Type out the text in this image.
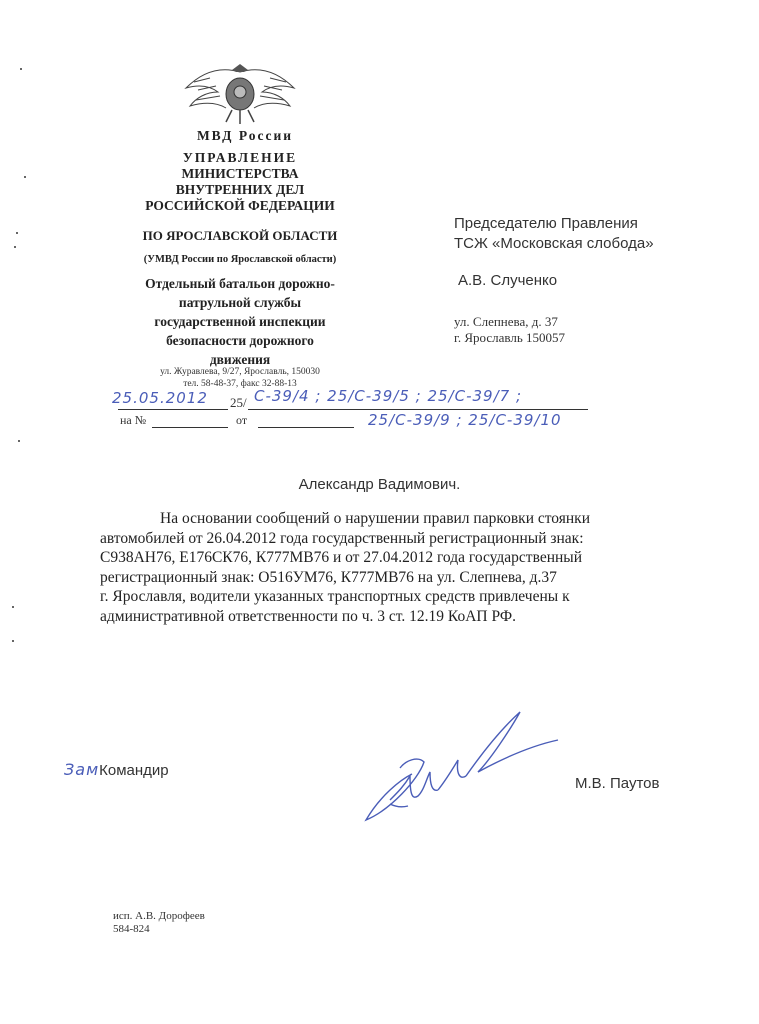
МВД России
УПРАВЛЕНИЕ
МИНИСТЕРСТВА
ВНУТРЕННИХ ДЕЛ
РОССИЙСКОЙ ФЕДЕРАЦИИ
ПО ЯРОСЛАВСКОЙ ОБЛАСТИ
(УМВД России по Ярославской области)
Отдельный батальон дорожно-
патрульной службы
государственной инспекции
безопасности дорожного
движения
ул. Журавлева, 9/27, Ярославль, 150030
тел. 58-48-37, факс 32-88-13
Председателю Правления
ТСЖ «Московская слобода»
А.В. Слученко
ул. Слепнева, д. 37
г. Ярославль 150057
25.05.2012 25/ С-39/4 ; 25/С-39/5 ; 25/С-39/7 ;
на №	от	25/С-39/9 ; 25/С-39/10
Александр Вадимович.

На основании сообщений о нарушении правил парковки стоянки

автомобилей от 26.04.2012 года государственный регистрационный знак:

С938АН76, Е176СК76, К777МВ76 и от 27.04.2012 года государственный

регистрационный знак: О516УМ76, К777МВ76 на ул. Слепнева, д.37

г. Ярославля, водители указанных транспортных средств привлечены к

административной ответственности по ч. 3 ст. 12.19 КоАП РФ.

ЗамКомандир
М.В. Паутов
исп. А.В. Дорофеев
584-824
